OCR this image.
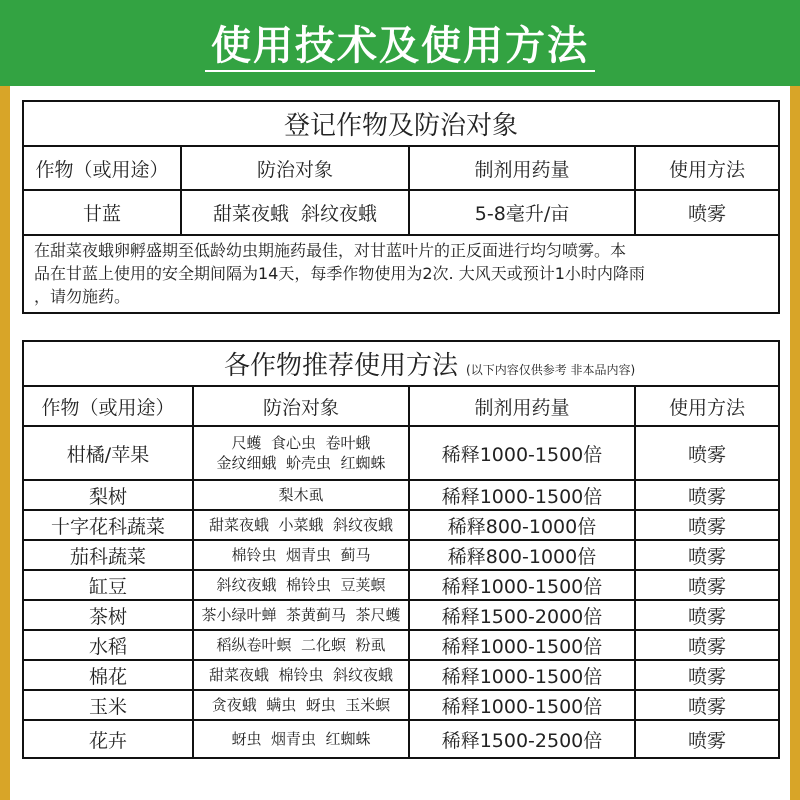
使用技术及使用方法
登记作物及防治对象			
作物（或用途）	防治对象	制剂用药量	使用方法
甘蓝	甜菜夜蛾  斜纹夜蛾	5-8毫升/亩	喷雾

在甜菜夜蛾卵孵盛期至低龄幼虫期施药最佳，对甘蓝叶片的正反面进行均匀喷雾。本
品在甘蓝上使用的安全期间隔为14天，每季作物使用为2次. 大风天或预计1小时内降雨
，请勿施药。			
各作物推荐使用方法 (以下内容仅供参考 非本品内容)			
作物（或用途）	防治对象	制剂用药量	使用方法
柑橘/苹果	尺蠖  食心虫  卷叶蛾
金纹细蛾  蚧壳虫  红蜘蛛	稀释1000-1500倍	喷雾
梨树	梨木虱	稀释1000-1500倍	喷雾
十字花科蔬菜	甜菜夜蛾  小菜蛾  斜纹夜蛾	稀释800-1000倍	喷雾
茄科蔬菜	棉铃虫  烟青虫  蓟马	稀释800-1000倍	喷雾
缸豆	斜纹夜蛾  棉铃虫  豆荚螟	稀释1000-1500倍	喷雾
茶树	茶小绿叶蝉  茶黄蓟马  茶尺蠖	稀释1500-2000倍	喷雾
水稻	稻纵卷叶螟  二化螟  粉虱	稀释1000-1500倍	喷雾
棉花	甜菜夜蛾  棉铃虫  斜纹夜蛾	稀释1000-1500倍	喷雾
玉米	贪夜蛾  螨虫  蚜虫  玉米螟	稀释1000-1500倍	喷雾
花卉	蚜虫  烟青虫  红蜘蛛	稀释1500-2500倍	喷雾
